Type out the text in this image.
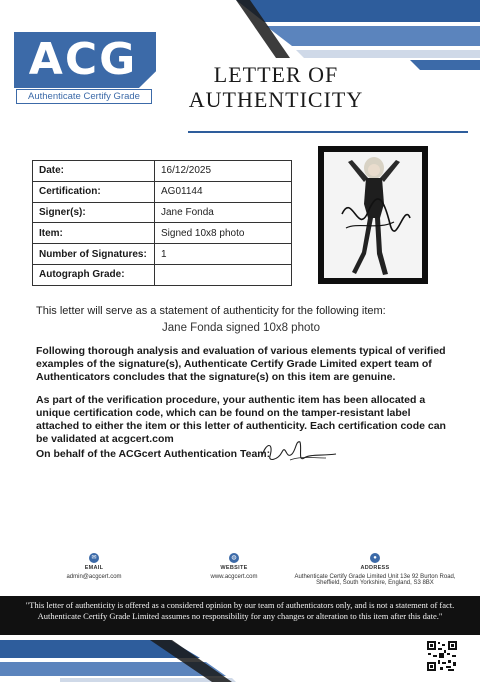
ACG
Authenticate Certify Grade
LETTER OF
AUTHENTICITY
Date:	16/12/2025
Certification:	AG01144
Signer(s):	Jane Fonda
Item:	Signed 10x8 photo
Number of Signatures:	1
Autograph Grade:	
This letter will serve as a statement of authenticity for the following item:
Jane Fonda signed 10x8 photo
Following thorough analysis and evaluation of various elements typical of verified examples of the signature(s), Authenticate Certify Grade Limited expert team of Authenticators concludes that the signature(s) on this item are genuine.
As part of the verification procedure, your authentic item has been allocated a unique certification code, which can be found on the tamper-resistant label attached to either the item or this letter of authenticity. Each certification code can be validated at acgcert.com
On behalf of the ACGcert Authentication Team:
✉
EMAIL
admin@acgcert.com
◍
WEBSITE
www.acgcert.com
●
ADDRESS
Authenticate Certify Grade Limited Unit 13e 92 Burton Road, Sheffield, South Yorkshire, England, S3 8BX
"This letter of authenticity is offered as a considered opinion by our team of authenticators only, and is not a statement of fact. Authenticate Certify Grade Limited assumes no responsibility for any changes or alteration to this item after this date."
